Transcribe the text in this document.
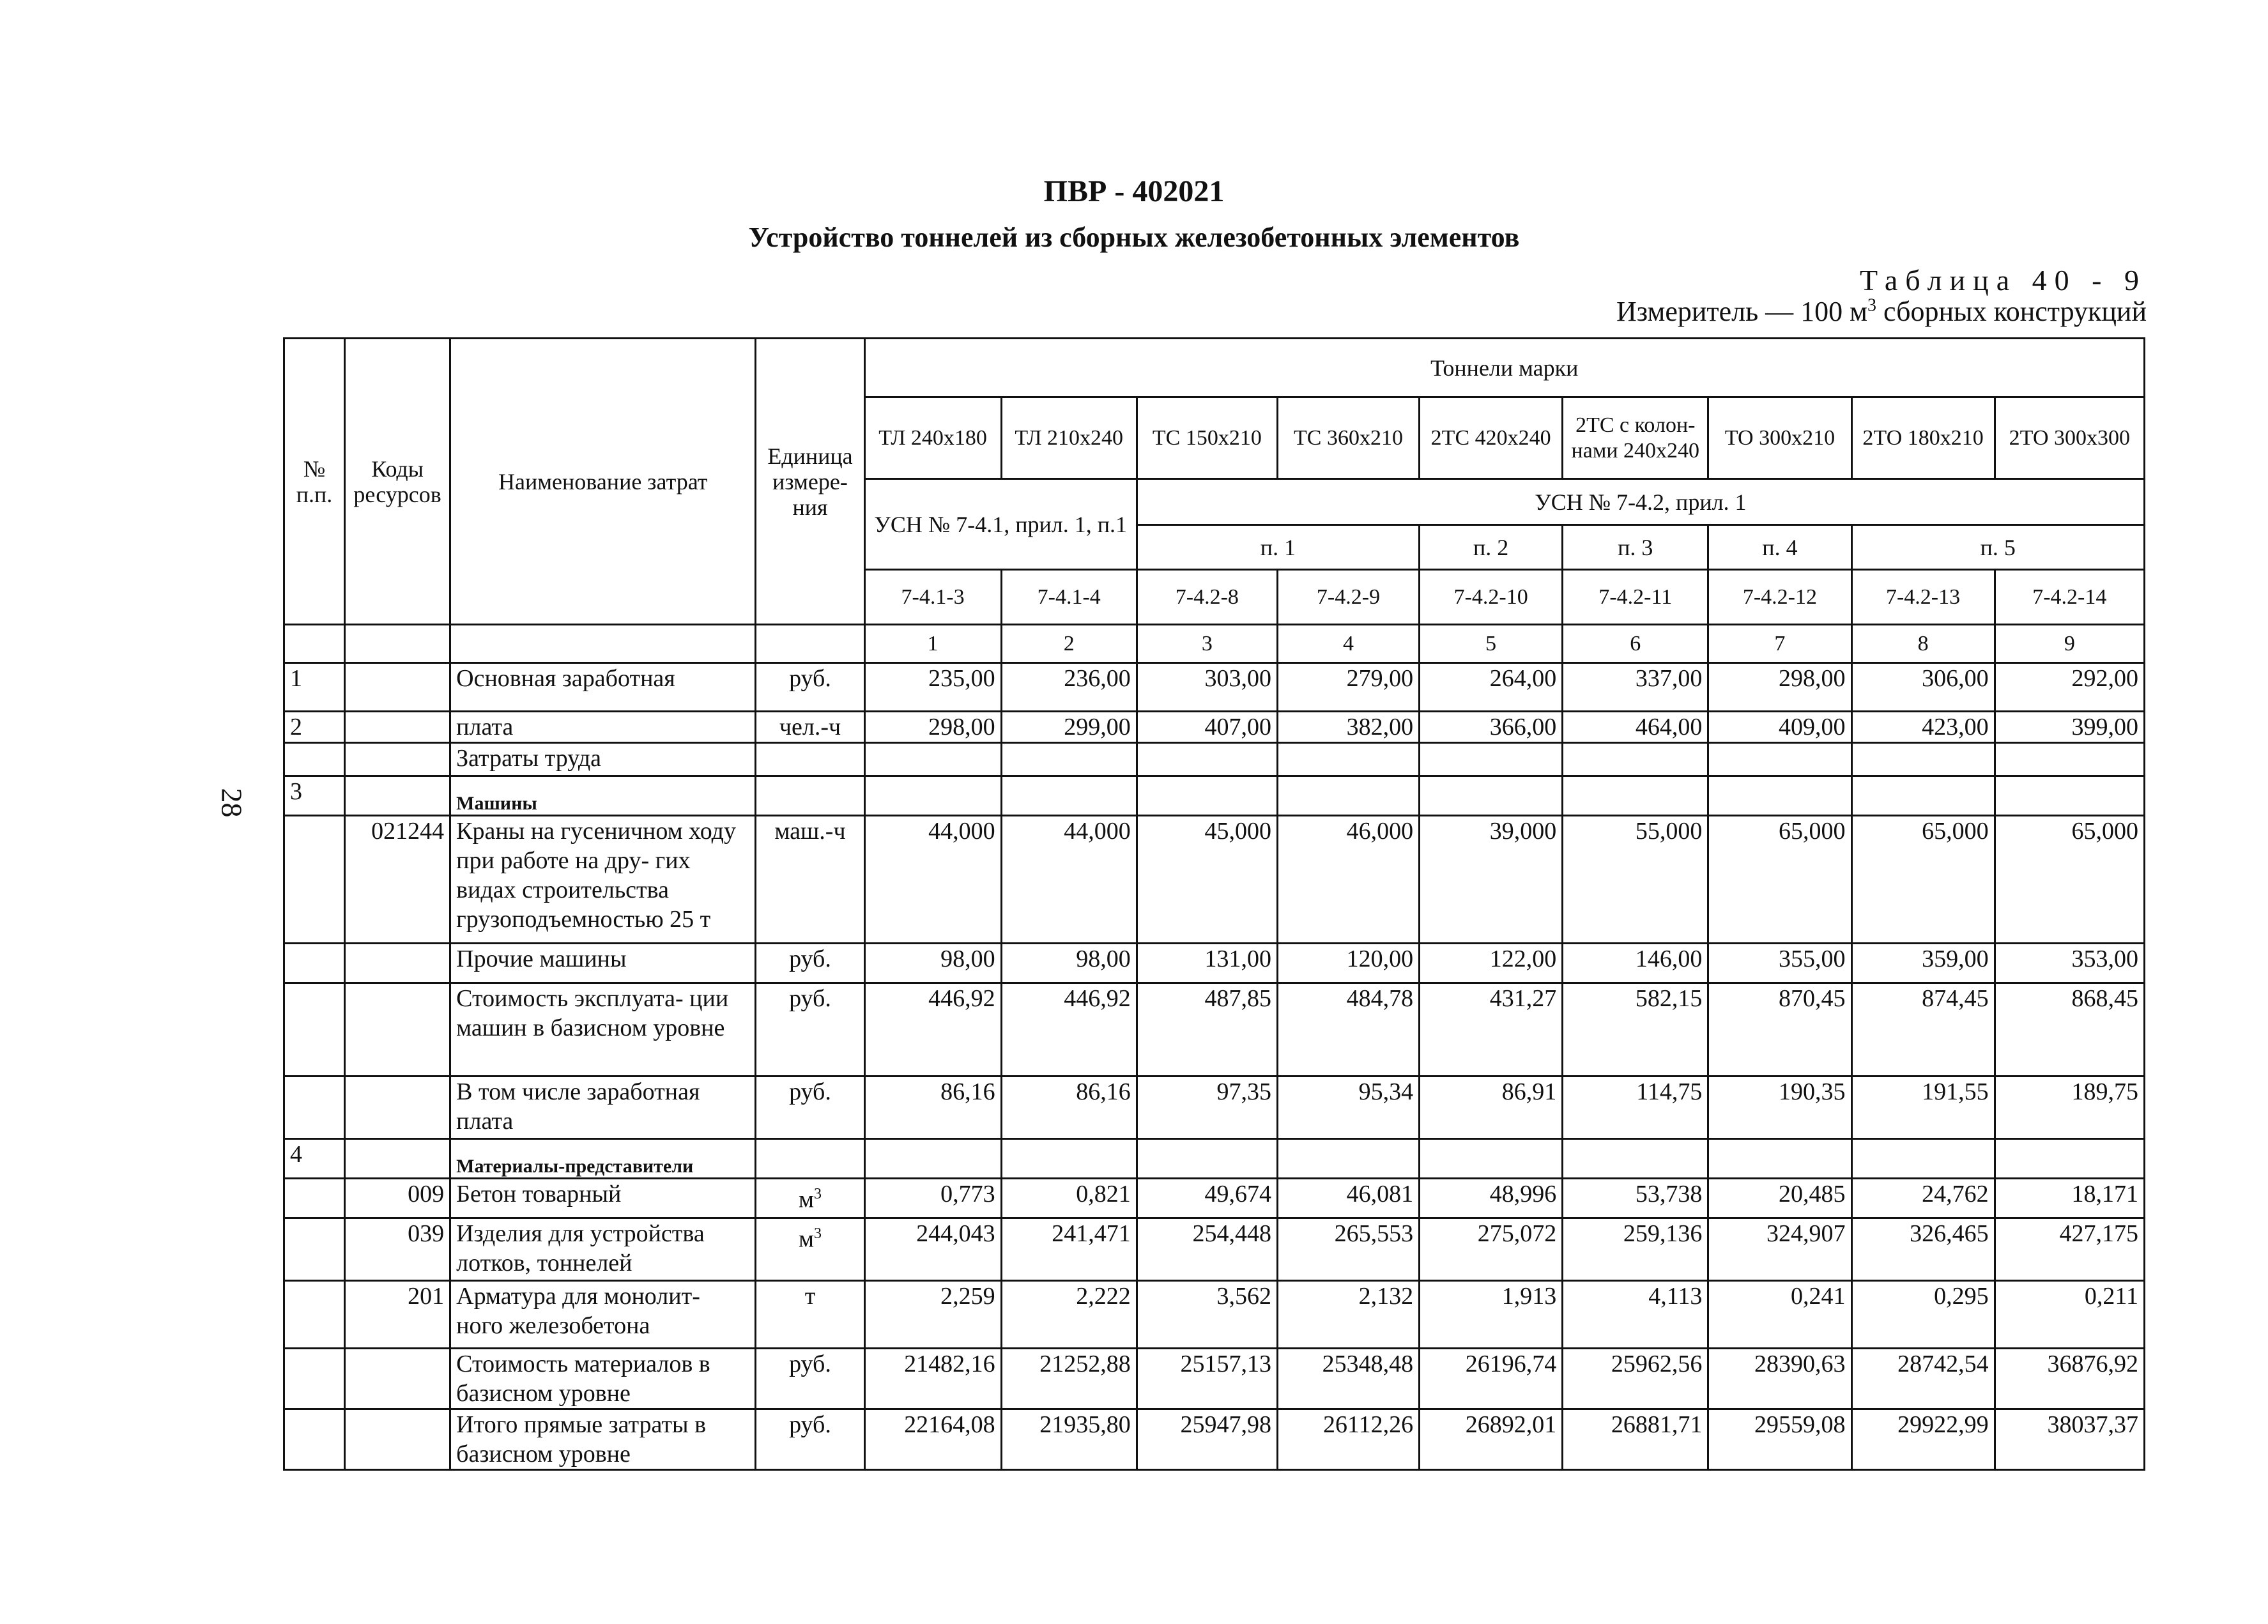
28
ПВР - 402021
Устройство тоннелей из сборных железобетонных элементов
Таблица 40 - 9
Измеритель — 100 $м^3$ сборных конструкций
№ п.п.	Коды ресурсов	Наименование затрат	Единица измере- ния	Тоннели марки								
				ТЛ 240х180	ТЛ 210х240	ТС 150х210	ТС 360х210	2ТС 420х240	2ТС с колон- нами 240х240	ТО 300х210	2ТО 180х210	2ТО 300х300
				УСН № 7-4.1, прил. 1, п.1		УСН № 7-4.2, прил. 1						
						п. 1		п. 2	п. 3	п. 4	п. 5	
				7-4.1-3	7-4.1-4	7-4.2-8	7-4.2-9	7-4.2-10	7-4.2-11	7-4.2-12	7-4.2-13	7-4.2-14
				1	2	3	4	5	6	7	8	9
1		Основная заработная	руб.	235,00	236,00	303,00	279,00	264,00	337,00	298,00	306,00	292,00
2		плата	чел.-ч	298,00	299,00	407,00	382,00	366,00	464,00	409,00	423,00	399,00
		Затраты труда										
3		Машины										
	021244	Краны на гусеничном ходу при работе на дру- гих видах строительства грузоподъемностью 25 т	маш.-ч	44,000	44,000	45,000	46,000	39,000	55,000	65,000	65,000	65,000
		Прочие машины	руб.	98,00	98,00	131,00	120,00	122,00	146,00	355,00	359,00	353,00
		Стоимость эксплуата- ции машин в базисном уровне	руб.	446,92	446,92	487,85	484,78	431,27	582,15	870,45	874,45	868,45
		В том числе заработная плата	руб.	86,16	86,16	97,35	95,34	86,91	114,75	190,35	191,55	189,75
4		Материалы-представители										
	009	Бетон товарный	$м^3$	0,773	0,821	49,674	46,081	48,996	53,738	20,485	24,762	18,171
	039	Изделия для устройства лотков, тоннелей	$м^3$	244,043	241,471	254,448	265,553	275,072	259,136	324,907	326,465	427,175
	201	Арматура для монолит- ного железобетона	т	2,259	2,222	3,562	2,132	1,913	4,113	0,241	0,295	0,211
		Стоимость материалов в базисном уровне	руб.	21482,16	21252,88	25157,13	25348,48	26196,74	25962,56	28390,63	28742,54	36876,92
		Итого прямые затраты в базисном уровне	руб.	22164,08	21935,80	25947,98	26112,26	26892,01	26881,71	29559,08	29922,99	38037,37
